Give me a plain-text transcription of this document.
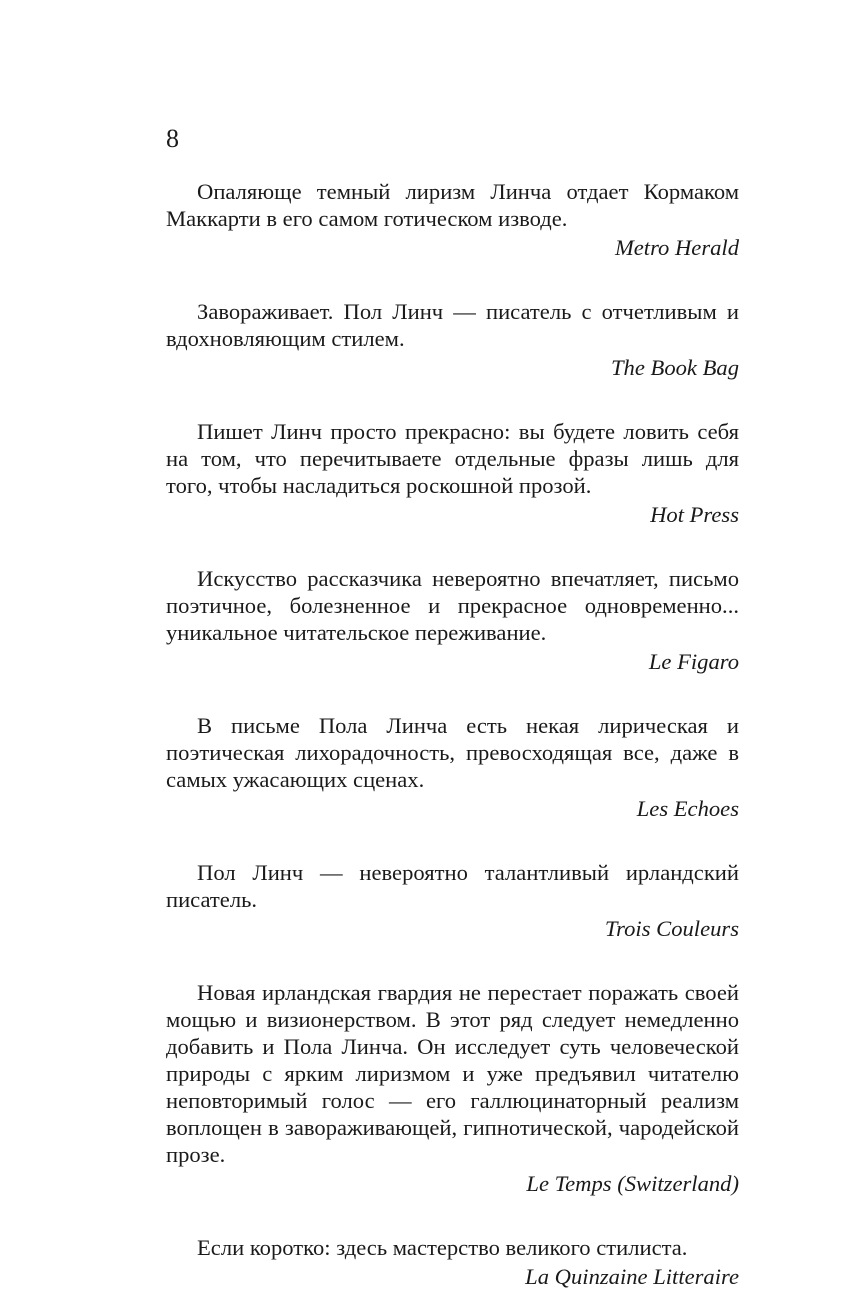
8

Опаляюще темный лиризм Линча отдает Кормаком Маккарти в его самом готическом изводе.

Metro Herald

Завораживает. Пол Линч — писатель с отчетливым и вдохновляющим стилем.

The Book Bag

Пишет Линч просто прекрасно: вы будете ловить себя на том, что перечитываете отдельные фразы лишь для того, чтобы насладиться роскошной прозой.

Hot Press

Искусство рассказчика невероятно впечатляет, письмо поэтичное, болезненное и прекрасное одновременно... уникальное читательское переживание.

Le Figaro

В письме Пола Линча есть некая лирическая и поэтическая лихорадочность, превосходящая все, даже в самых ужасающих сценах.

Les Echoes

Пол Линч — невероятно талантливый ирландский писатель.

Trois Couleurs

Новая ирландская гвардия не перестает поражать своей мощью и визионерством. В этот ряд следует немедленно добавить и Пола Линча. Он исследует суть человеческой природы с ярким лиризмом и уже предъявил читателю неповторимый голос — его галлюцинаторный реализм воплощен в завораживающей, гипнотической, чародейской прозе.

Le Temps (Switzerland)

Если коротко: здесь мастерство великого стилиста.

La Quinzaine Litteraire
